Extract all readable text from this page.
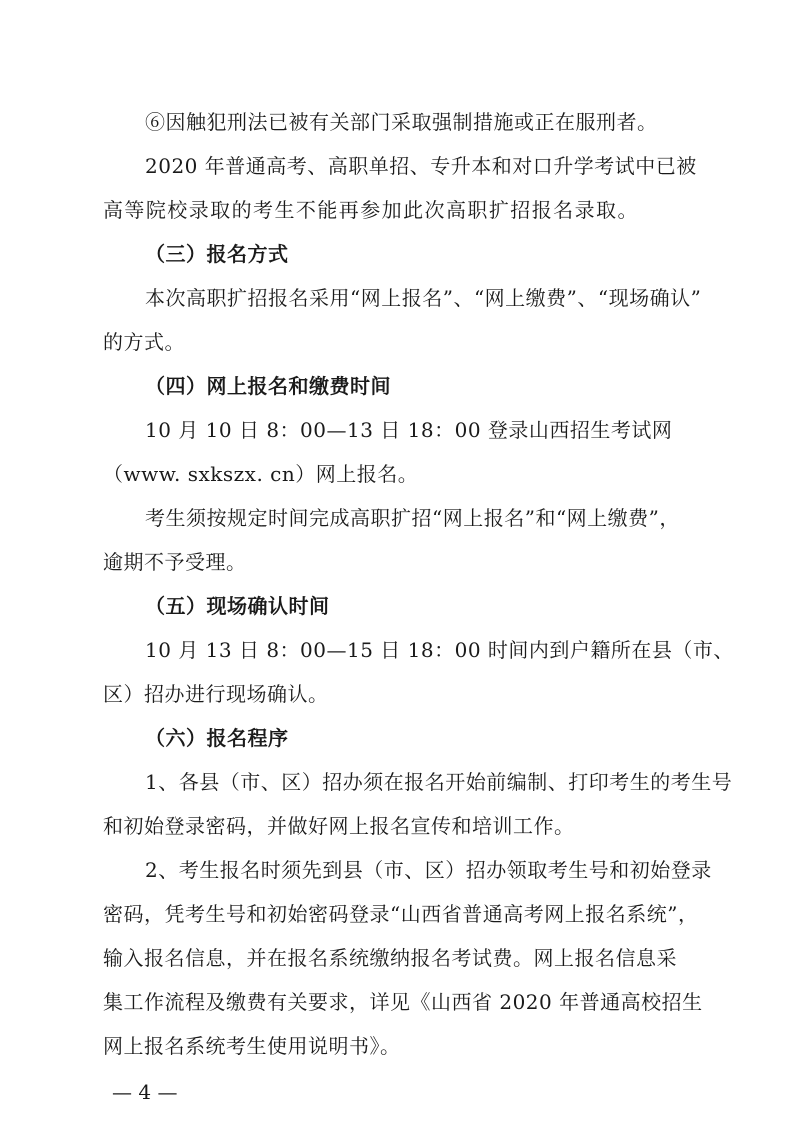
⑥因触犯刑法已被有关部门采取强制措施或正在服刑者。
2020 年普通高考、高职单招、专升本和对口升学考试中已被
高等院校录取的考生不能再参加此次高职扩招报名录取。
（三）报名方式
本次高职扩招报名采用“网上报名”、“网上缴费”、“现场确认”
的方式。
（四）网上报名和缴费时间
10 月 10 日 8：00—13 日 18：00 登录山西招生考试网
（www. sxkszx. cn）网上报名。
考生须按规定时间完成高职扩招“网上报名”和“网上缴费”，
逾期不予受理。
（五）现场确认时间
10 月 13 日 8：00—15 日 18：00 时间内到户籍所在县（市、
区）招办进行现场确认。
（六）报名程序
1、各县（市、区）招办须在报名开始前编制、打印考生的考生号
和初始登录密码，并做好网上报名宣传和培训工作。
2、考生报名时须先到县（市、区）招办领取考生号和初始登录
密码，凭考生号和初始密码登录“山西省普通高考网上报名系统”，
— 4 —
输入报名信息，并在报名系统缴纳报名考试费。网上报名信息采
集工作流程及缴费有关要求，详见《山西省 2020 年普通高校招生
网上报名系统考生使用说明书》。
